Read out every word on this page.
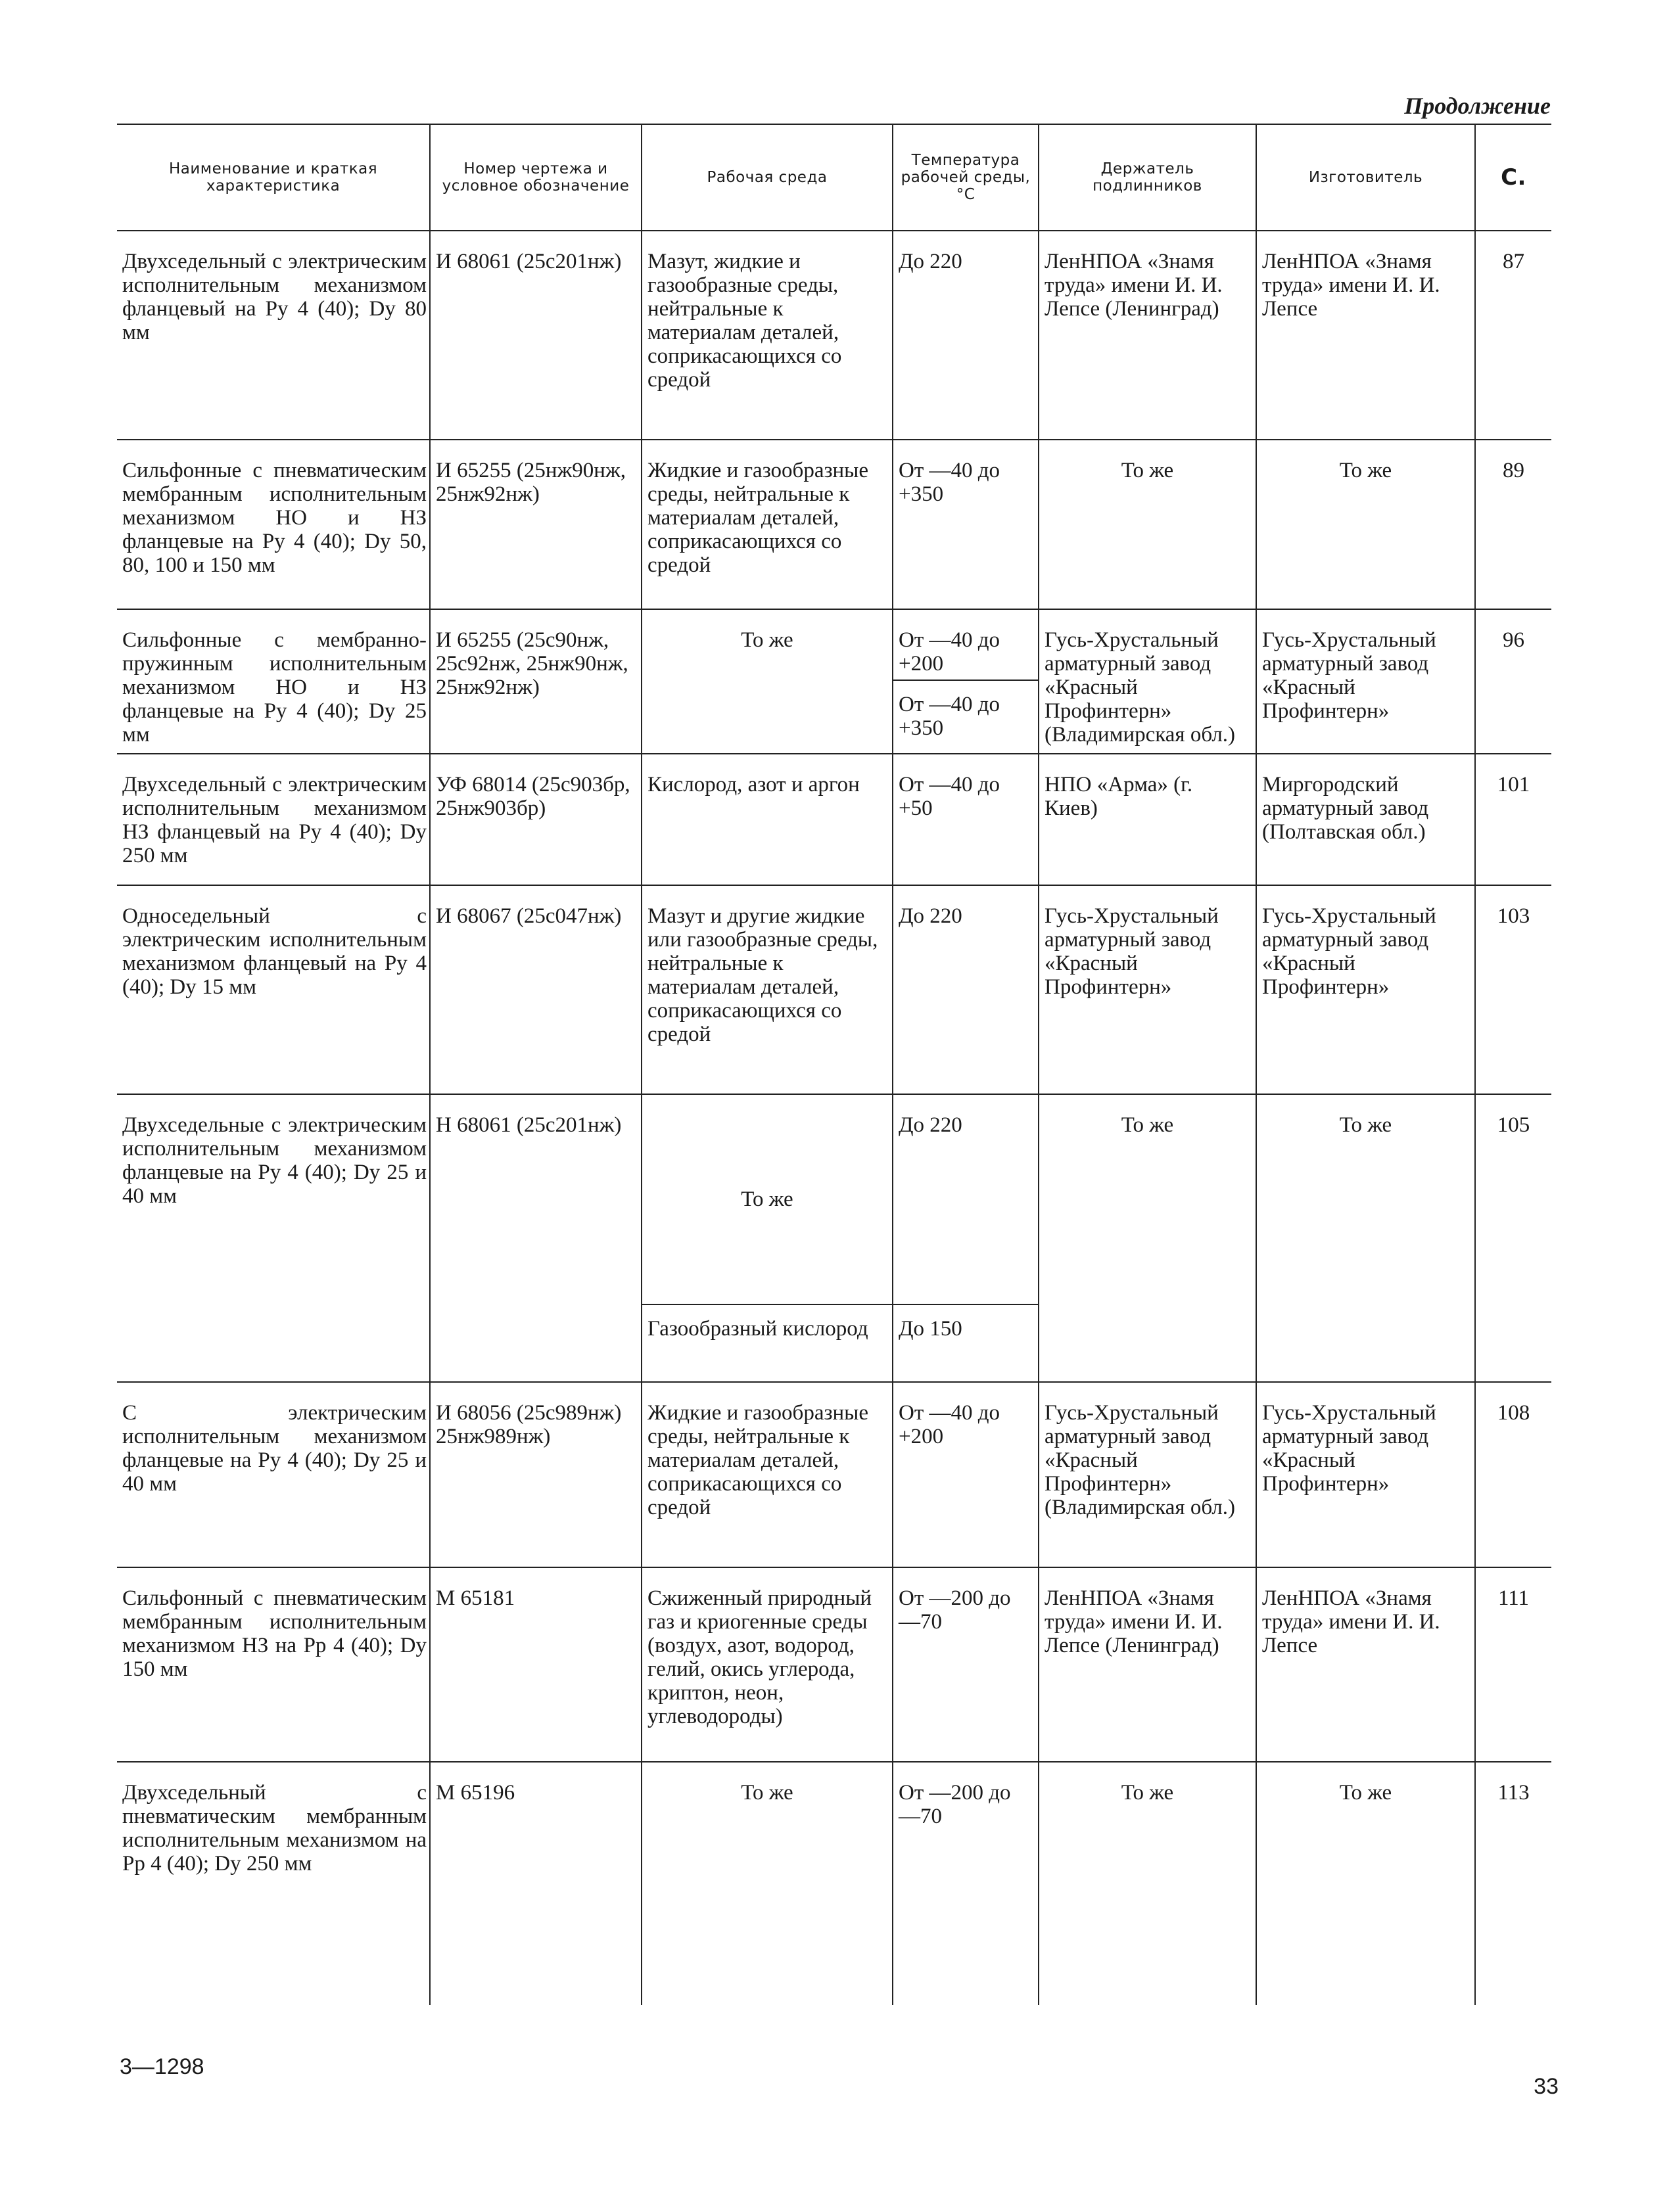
Продолжение
Наименование и краткая характеристика	Номер чертежа и условное обозначение	Рабочая среда	Температура рабочей среды, °С	Держатель подлинников	Изготовитель	С.
Двухседельный с электрическим исполнительным механизмом фланцевый на Pу 4 (40); Dу 80 мм	И 68061 (25с201нж)	Мазут, жидкие и газообразные среды, нейтральные к материалам деталей, соприкасающихся со средой	До 220	ЛенНПОА «Знамя труда» имени И. И. Лепсе (Ленинград)	ЛенНПОА «Знамя труда» имени И. И. Лепсе	87
Сильфонные с пневматическим мембранным исполнительным механизмом НО и НЗ фланцевые на Pу 4 (40); Dу 50, 80, 100 и 150 мм	И 65255 (25нж90нж, 25нж92нж)	Жидкие и газообразные среды, нейтральные к материалам деталей, соприкасающихся со средой	От —40 до +350	То же	То же	89
Сильфонные с мембранно-пружинным исполнительным механизмом НО и НЗ фланцевые на Pу 4 (40); Dу 25 мм	И 65255 (25с90нж, 25с92нж, 25нж90нж, 25нж92нж)	То же	От —40 до +200	Гусь-Хрустальный арматурный завод «Красный Профинтерн» (Владимирская обл.)	Гусь-Хрустальный арматурный завод «Красный Профинтерн»	96
			От —40 до +350			
Двухседельный с электрическим исполнительным механизмом НЗ фланцевый на Pу 4 (40); Dу 250 мм	УФ 68014 (25с903бр, 25нж903бр)	Кислород, азот и аргон	От —40 до +50	НПО «Арма» (г. Киев)	Миргородский арматурный завод (Полтавская обл.)	101
Односедельный с электрическим исполнительным механизмом фланцевый на Pу 4 (40); Dу 15 мм	И 68067 (25с047нж)	Мазут и другие жидкие или газообразные среды, нейтральные к материалам деталей, соприкасающихся со средой	До 220	Гусь-Хрустальный арматурный завод «Красный Профинтерн»	Гусь-Хрустальный арматурный завод «Красный Профинтерн»	103
Двухседельные с электрическим исполнительным механизмом фланцевые на Pу 4 (40); Dу 25 и 40 мм	Н 68061 (25с201нж)	То же	До 220	То же	То же	105
		Газообразный кислород	До 150			
С электрическим исполнительным механизмом фланцевые на Pу 4 (40); Dу 25 и 40 мм	И 68056 (25с989нж) 25нж989нж)	Жидкие и газообразные среды, нейтральные к материалам деталей, соприкасающихся со средой	От —40 до +200	Гусь-Хрустальный арматурный завод «Красный Профинтерн» (Владимирская обл.)	Гусь-Хрустальный арматурный завод «Красный Профинтерн»	108
Сильфонный с пневматическим мембранным исполнительным механизмом НЗ на Pр 4 (40); Dу 150 мм	М 65181	Сжиженный природный газ и криогенные среды (воздух, азот, водород, гелий, окись углерода, криптон, неон, углеводороды)	От —200 до —70	ЛенНПОА «Знамя труда» имени И. И. Лепсе (Ленинград)	ЛенНПОА «Знамя труда» имени И. И. Лепсе	111
Двухседельный с пневматическим мембранным исполнительным механизмом на Pр 4 (40); Dу 250 мм	М 65196	То же	От —200 до —70	То же	То же	113
3—1298
33
